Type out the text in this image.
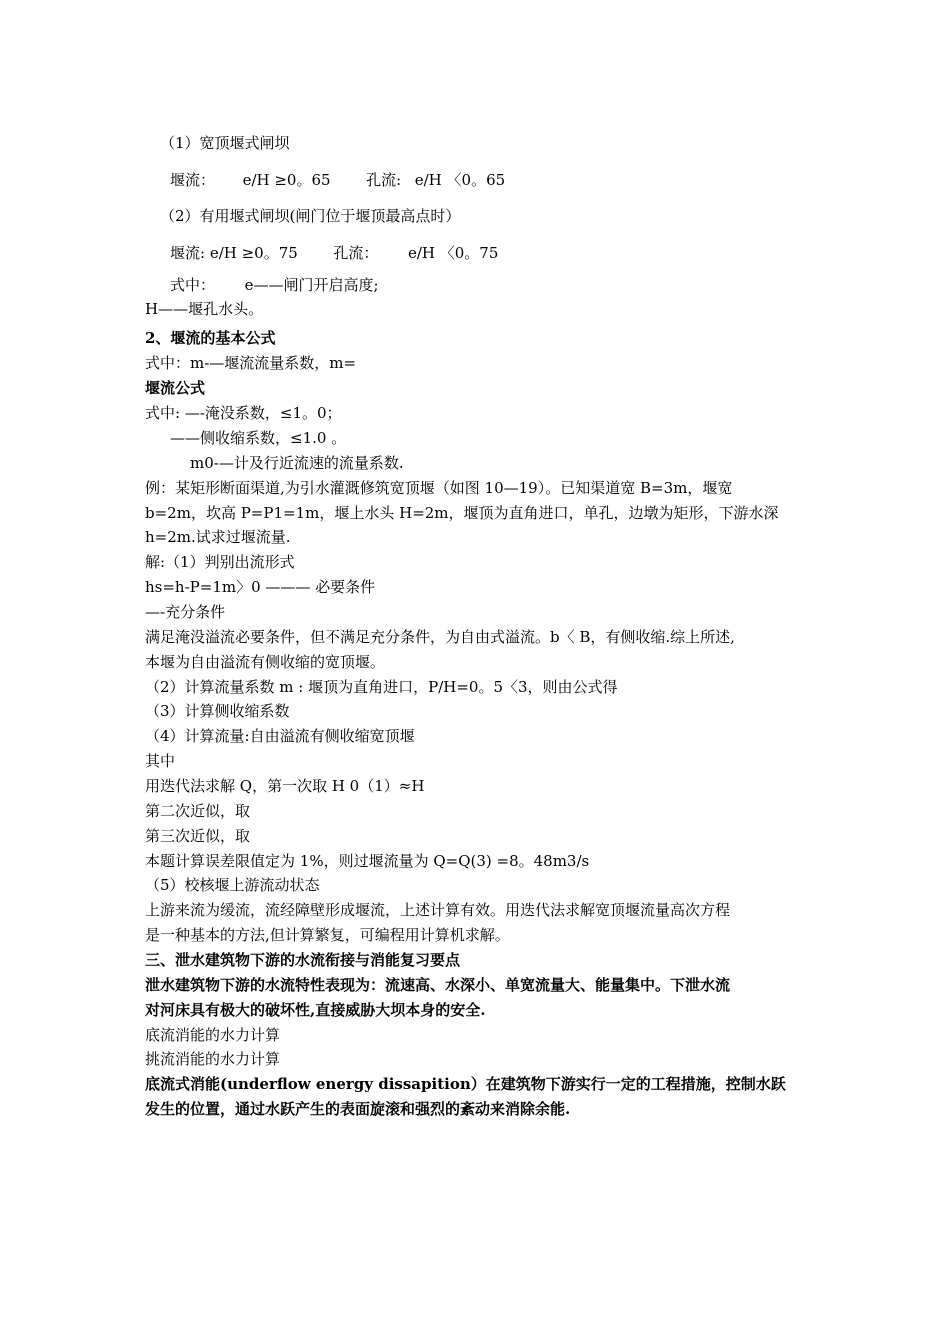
（1）宽顶堰式闸坝
堰流： e/H ≥0。65 孔流: e/H 〈0。65
（2）有用堰式闸坝(闸门位于堰顶最高点时）
堰流: e/H ≥0。75 孔流： e/H 〈0。75
式中： e——闸门开启高度;
H——堰孔水头。
2、堰流的基本公式
式中：m-—堰流流量系数，m=
堰流公式
式中: —-淹没系数，≤1。0；
——侧收缩系数，≤1.0 。
m0-—计及行近流速的流量系数.
例：某矩形断面渠道,为引水灌溉修筑宽顶堰（如图 10—19）。已知渠道宽 B=3m，堰宽
b=2m，坎高 P=P1=1m，堰上水头 H=2m，堰顶为直角进口，单孔，边墩为矩形，下游水深
h=2m.试求过堰流量.
解:（1）判别出流形式
hs=h-P=1m〉0 ——— 必要条件
—-充分条件
满足淹没溢流必要条件，但不满足充分条件，为自由式溢流。b〈 B，有侧收缩.综上所述,
本堰为自由溢流有侧收缩的宽顶堰。
（2）计算流量系数 m : 堰顶为直角进口，P/H=0。5〈3，则由公式得
（3）计算侧收缩系数
（4）计算流量:自由溢流有侧收缩宽顶堰
其中
用迭代法求解 Q，第一次取 H 0（1）≈H
第二次近似，取
第三次近似，取
本题计算误差限值定为 1%，则过堰流量为 Q=Q(3) =8。48m3/s
（5）校核堰上游流动状态
上游来流为缓流，流经障壁形成堰流，上述计算有效。用迭代法求解宽顶堰流量高次方程
是一种基本的方法,但计算繁复，可编程用计算机求解。
三、泄水建筑物下游的水流衔接与消能复习要点
泄水建筑物下游的水流特性表现为：流速高、水深小、单宽流量大、能量集中。下泄水流
对河床具有极大的破坏性,直接威胁大坝本身的安全.
底流消能的水力计算
挑流消能的水力计算
底流式消能(underflow energy dissapition）在建筑物下游实行一定的工程措施，控制水跃
发生的位置，通过水跃产生的表面旋滚和强烈的紊动来消除余能.
